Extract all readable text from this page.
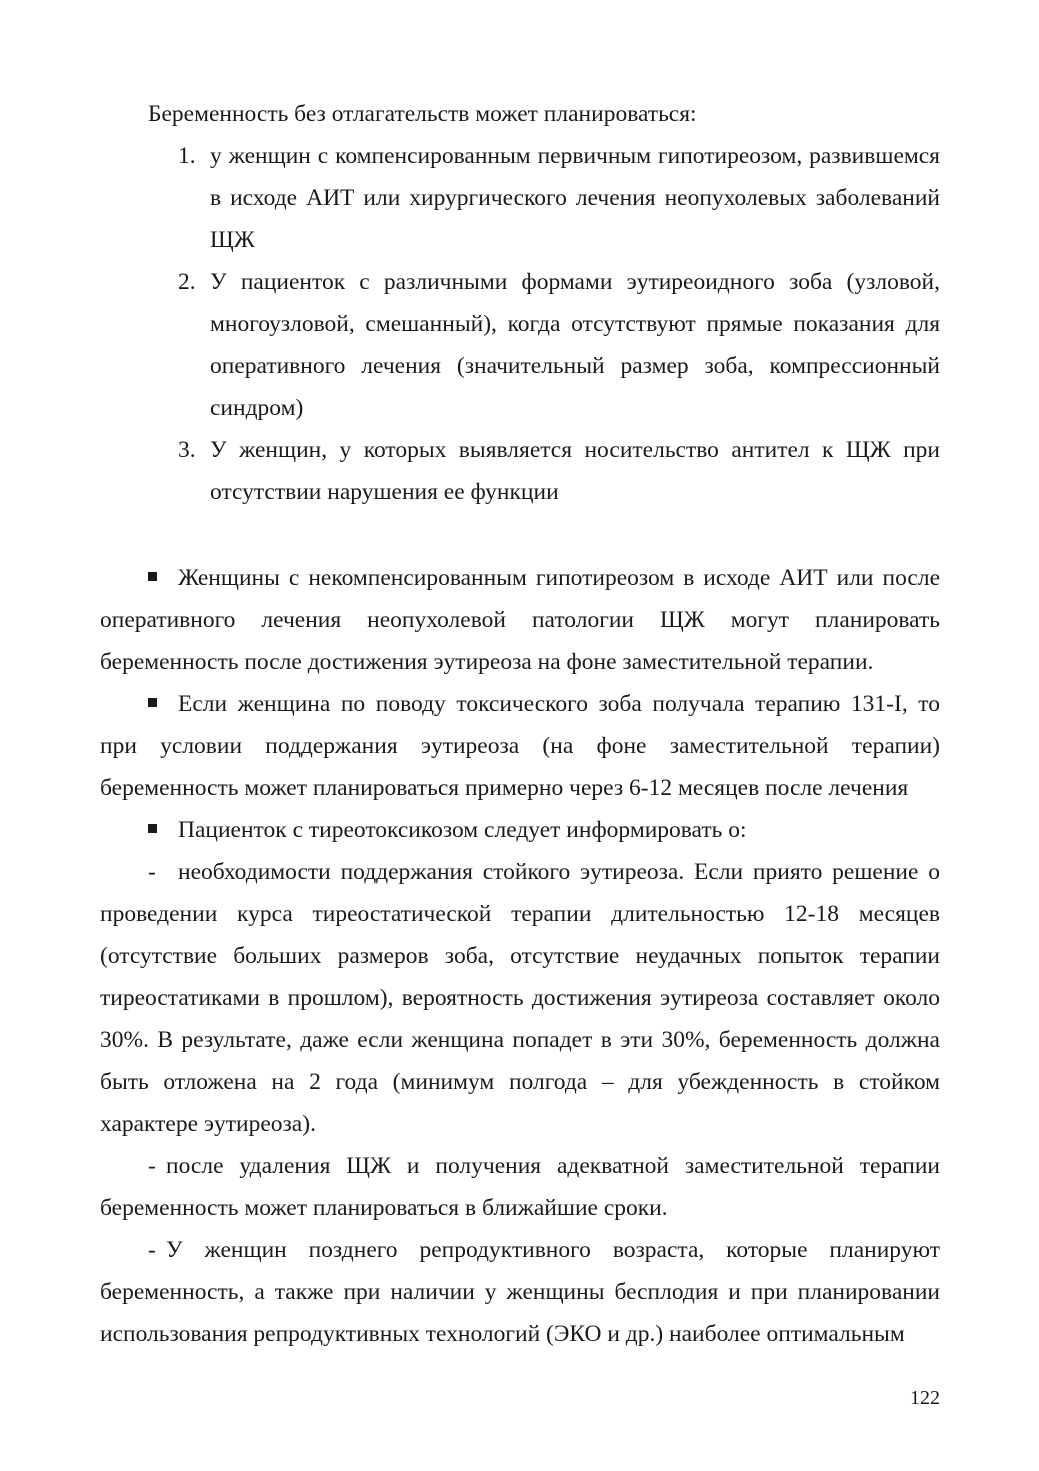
Беременность без отлагательств может планироваться:
1. у женщин с компенсированным первичным гипотиреозом, развившемся в исходе АИТ или хирургического лечения неопухолевых заболеваний ЩЖ
2. У пациенток с различными формами эутиреоидного зоба (узловой, многоузловой, смешанный), когда отсутствуют прямые показания для оперативного лечения (значительный размер зоба, компрессионный синдром)
3. У женщин, у которых выявляется носительство антител к ЩЖ при отсутствии нарушения ее функции

Женщины с некомпенсированным гипотиреозом в исходе АИТ или после оперативного лечения неопухолевой патологии ЩЖ могут планировать беременность после достижения эутиреоза на фоне заместительной терапии.

Если женщина по поводу токсического зоба получала терапию 131-I, то при условии поддержания эутиреоза (на фоне заместительной терапии) беременность может планироваться примерно через 6-12 месяцев после лечения

Пациенток с тиреотоксикозом следует информировать о:

- необходимости поддержания стойкого эутиреоза. Если приято решение о проведении курса тиреостатической терапии длительностью 12-18 месяцев (отсутствие больших размеров зоба, отсутствие неудачных попыток терапии тиреостатиками в прошлом), вероятность достижения эутиреоза составляет около 30%. В результате, даже если женщина попадет в эти 30%, беременность должна быть отложена на 2 года (минимум полгода – для убежденность в стойком характере эутиреоза).

- после удаления ЩЖ и получения адекватной заместительной терапии беременность может планироваться в ближайшие сроки.

- У женщин позднего репродуктивного возраста, которые планируют беременность, а также при наличии у женщины бесплодия и при планировании использования репродуктивных технологий (ЭКО и др.) наиболее оптимальным

122
